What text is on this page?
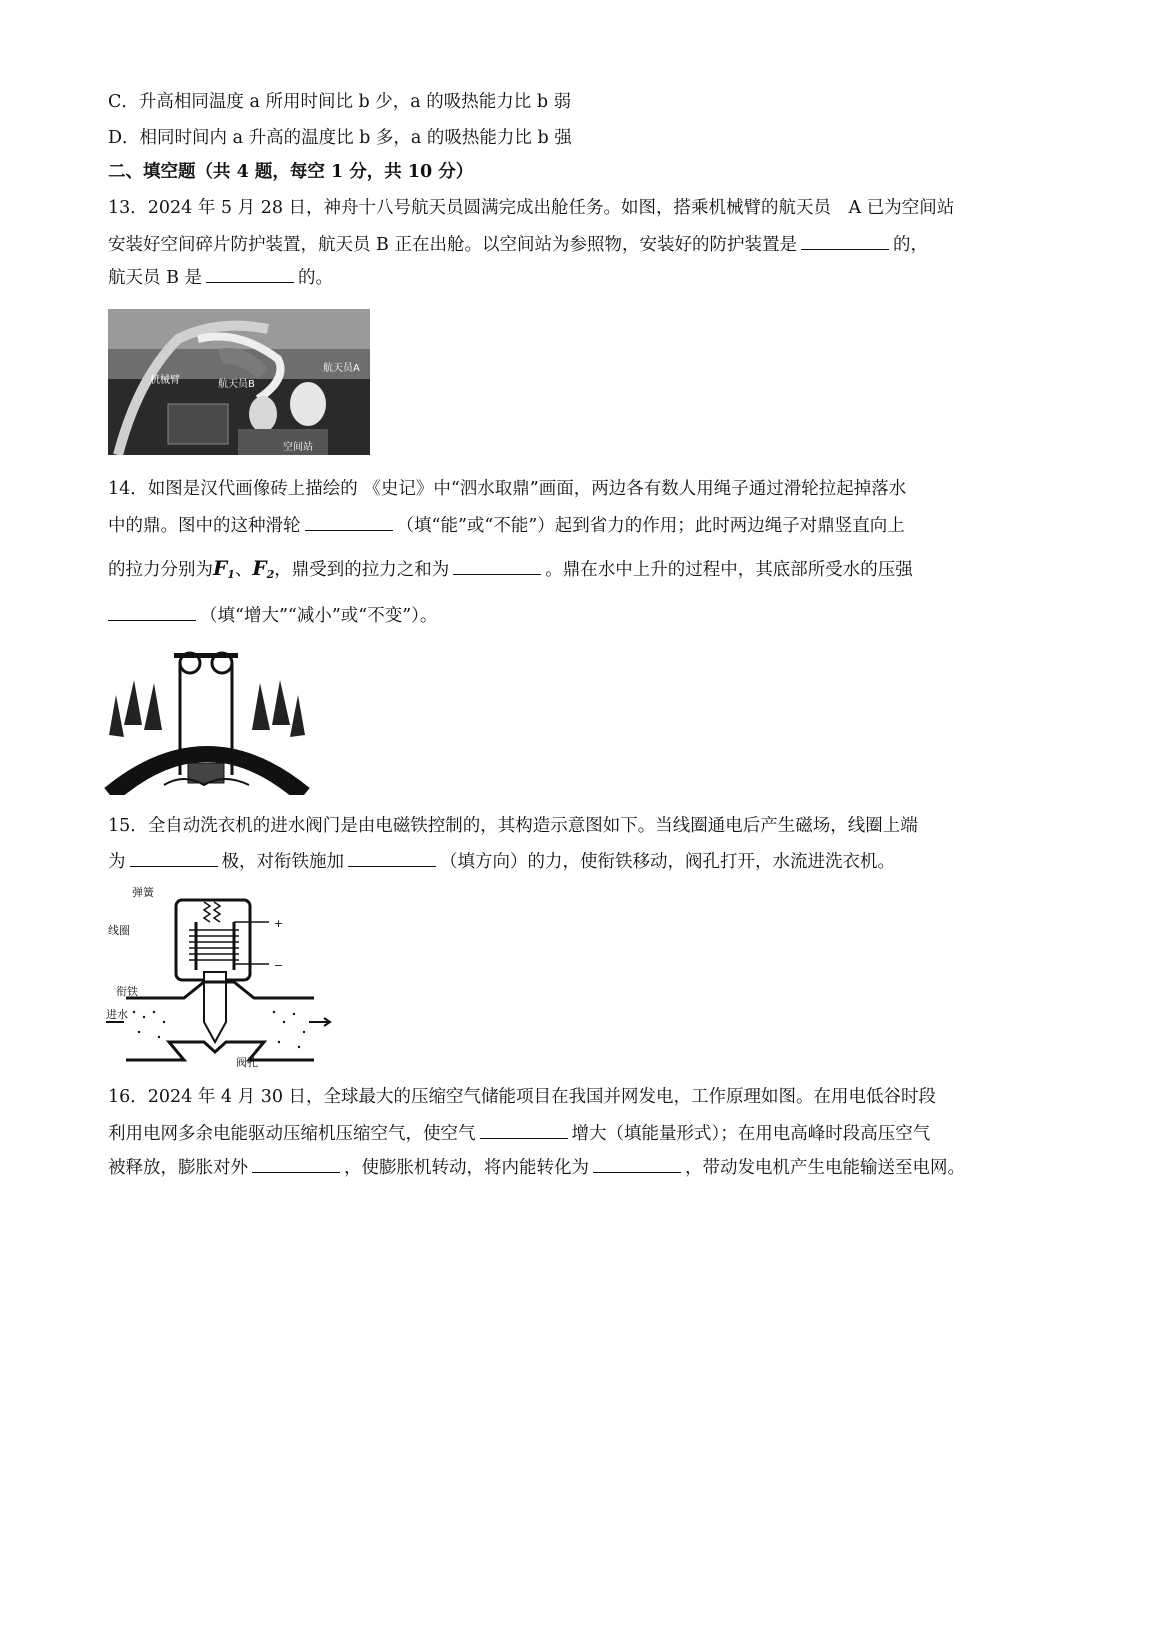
C．升高相同温度 a 所用时间比 b 少，a 的吸热能力比 b 弱
D．相同时间内 a 升高的温度比 b 多，a 的吸热能力比 b 强
二、填空题（共 4 题，每空 1 分，共 10 分）
13．2024 年 5 月 28 日，神舟十八号航天员圆满完成出舱任务。如图，搭乘机械臂的航天员　A 已为空间站
安装好空间碎片防护装置，航天员 B 正在出舱。以空间站为参照物，安装好的防护装置是	的，
航天员 B 是	的。
机械臂	航天员B
航天员A
空间站
14．如图是汉代画像砖上描绘的 《史记》中“泗水取鼎”画面，两边各有数人用绳子通过滑轮拉起掉落水
中的鼎。图中的这种滑轮	（填“能”或“不能”）起到省力的作用；此时两边绳子对鼎竖直向上
的拉力分别为$F_1$、$F_2$，鼎受到的拉力之和为	。鼎在水中上升的过程中，其底部所受水的压强
（填“增大”“减小”或“不变”）。
15．全自动洗衣机的进水阀门是由电磁铁控制的，其构造示意图如下。当线圈通电后产生磁场，线圈上端
为	极，对衔铁施加	（填方向）的力，使衔铁移动，阀孔打开，水流进洗衣机。
+
−
弹簧
线圈
衔铁
进水
阀孔
16．2024 年 4 月 30 日，全球最大的压缩空气储能项目在我国并网发电，工作原理如图。在用电低谷时段
利用电网多余电能驱动压缩机压缩空气，使空气	增大（填能量形式）；在用电高峰时段高压空气
被释放，膨胀对外	，使膨胀机转动，将内能转化为	，带动发电机产生电能输送至电网。
